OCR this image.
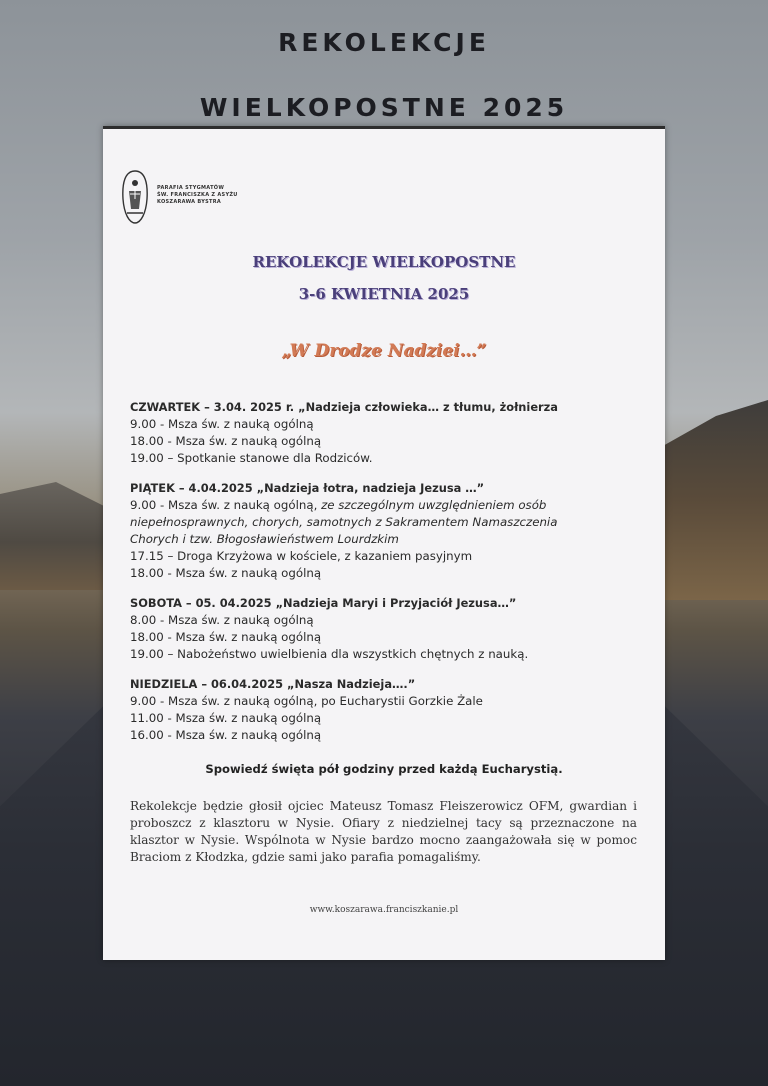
REKOLEKCJE
WIELKOPOSTNE 2025
PARAFIA STYGMATÓW
ŚW. FRANCISZKA Z ASYŻU
KOSZARAWA BYSTRA
REKOLEKCJE WIELKOPOSTNE
3-6 KWIETNIA 2025
„W Drodze Nadziei…”
CZWARTEK – 3.04. 2025 r. „Nadzieja człowieka… z tłumu, żołnierza
9.00 - Msza św. z nauką ogólną
18.00 - Msza św. z nauką ogólną
19.00 – Spotkanie stanowe dla Rodziców.
PIĄTEK – 4.04.2025 „Nadzieja łotra, nadzieja Jezusa …”
9.00 - Msza św. z nauką ogólną, ze szczególnym uwzględnieniem osób
niepełnosprawnych, chorych, samotnych z Sakramentem Namaszczenia
Chorych i tzw. Błogosławieństwem Lourdzkim
17.15 – Droga Krzyżowa w kościele, z kazaniem pasyjnym
18.00 - Msza św. z nauką ogólną
SOBOTA – 05. 04.2025 „Nadzieja Maryi i Przyjaciół Jezusa…”
8.00 - Msza św. z nauką ogólną
18.00 - Msza św. z nauką ogólną
19.00 – Nabożeństwo uwielbienia dla wszystkich chętnych z nauką.
NIEDZIELA – 06.04.2025 „Nasza Nadzieja….”
9.00 - Msza św. z nauką ogólną, po Eucharystii Gorzkie Żale
11.00 - Msza św. z nauką ogólną
16.00 - Msza św. z nauką ogólną
Spowiedź święta pół godziny przed każdą Eucharystią.
Rekolekcje będzie głosił ojciec Mateusz Tomasz Fleiszerowicz OFM, gwardian i proboszcz z klasztoru w Nysie. Ofiary z niedzielnej tacy są przeznaczone na klasztor w Nysie. Wspólnota w Nysie bardzo mocno zaangażowała się w pomoc Braciom z Kłodzka, gdzie sami jako parafia pomagaliśmy.
www.koszarawa.franciszkanie.pl
